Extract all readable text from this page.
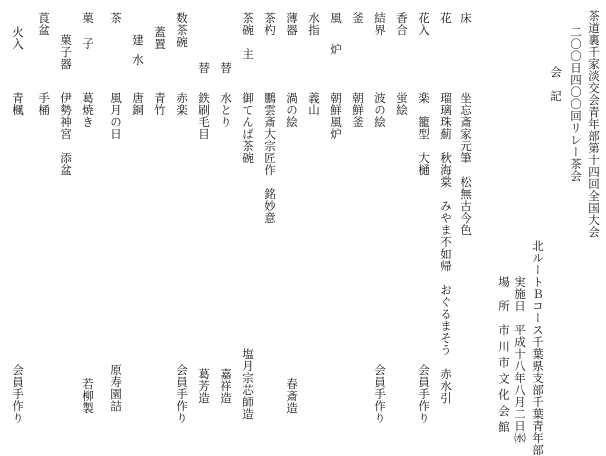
茶道裏千家淡交会青年部第十四回全国大会
二〇〇日四〇〇回リレー茶会
会　記
北ルートＢコース千葉県支部千葉青年部
実施日　平成十八年八月二日㈬
場　所　市 川 市 文 化 会 館
床
坐忘斎家元筆　松無古今色
花
瑠璃珠薊　秋海棠　みやま不如帰　おぐるまそう　赤水引
花入
楽　籠型　大樋
会員手作り
香合
蛍絵
結界
波の絵
会員手作り
釜
朝鮮釜
風炉
朝鮮風炉
水指
義山
薄器
渦の絵
春斎造
茶杓
鵬雲斎大宗匠作　銘妙意
茶碗　主
御てんば茶碗
塩月宗芯師造
替
水とり
嘉祥造
替
鉄刷毛目
葛芳造
数茶碗
赤楽
会員手作り
蓋置
青竹
建水
唐銅
茶
風月の日
原寿園詰
菓子
葛焼き
若柳製
菓子器
伊勢神宮　添盆
莨盆
手桶
火入
青楓
会員手作り
